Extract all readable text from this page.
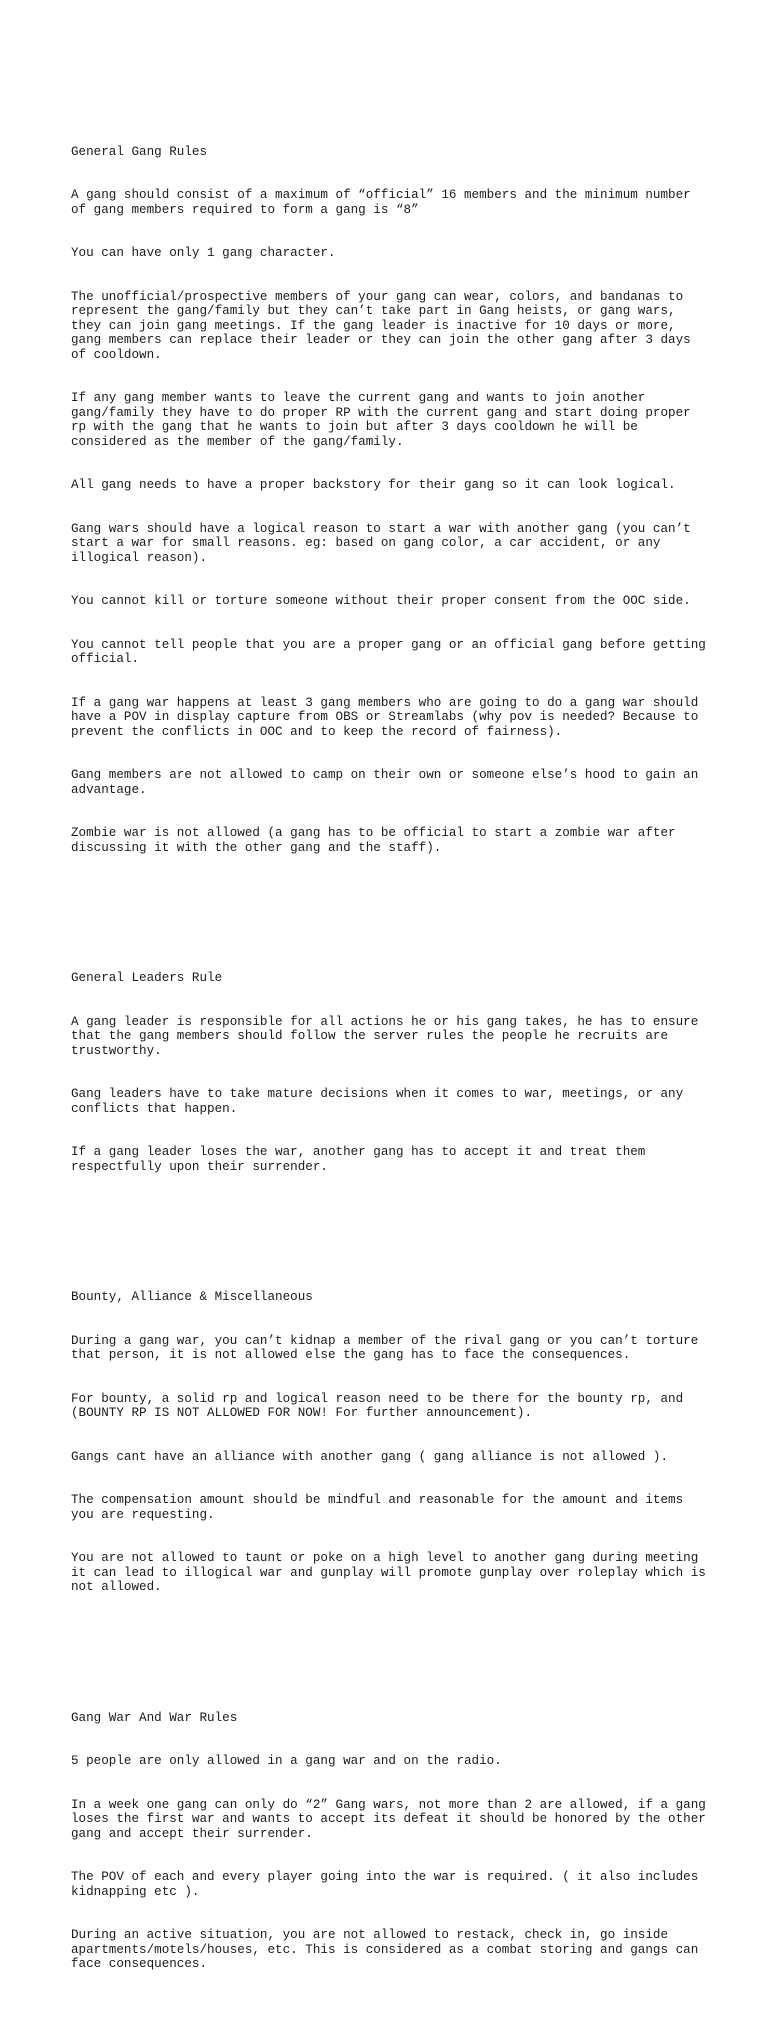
General Gang Rules

A gang should consist of a maximum of “official” 16 members and the minimum number of gang members required to form a gang is “8”

You can have only 1 gang character.

The unofficial/prospective members of your gang can wear, colors, and bandanas to represent the gang/family but they can’t take part in Gang heists, or gang wars, they can join gang meetings. If the gang leader is inactive for 10 days or more, gang members can replace their leader or they can join the other gang after 3 days of cooldown.

If any gang member wants to leave the current gang and wants to join another gang/family they have to do proper RP with the current gang and start doing proper rp with the gang that he wants to join but after 3 days cooldown he will be considered as the member of the gang/family.

All gang needs to have a proper backstory for their gang so it can look logical.

Gang wars should have a logical reason to start a war with another gang (you can’t start a war for small reasons. eg: based on gang color, a car accident, or any illogical reason).

You cannot kill or torture someone without their proper consent from the OOC side.

You cannot tell people that you are a proper gang or an official gang before getting official.

If a gang war happens at least 3 gang members who are going to do a gang war should have a POV in display capture from OBS or Streamlabs (why pov is needed? Because to prevent the conflicts in OOC and to keep the record of fairness).

Gang members are not allowed to camp on their own or someone else’s hood to gain an advantage.

Zombie war is not allowed (a gang has to be official to start a zombie war after discussing it with the other gang and the staff).

General Leaders Rule

A gang leader is responsible for all actions he or his gang takes, he has to ensure that the gang members should follow the server rules the people he recruits are trustworthy.

Gang leaders have to take mature decisions when it comes to war, meetings, or any conflicts that happen.

If a gang leader loses the war, another gang has to accept it and treat them respectfully upon their surrender.

Bounty, Alliance & Miscellaneous

During a gang war, you can’t kidnap a member of the rival gang or you can’t torture that person, it is not allowed else the gang has to face the consequences.

For bounty, a solid rp and logical reason need to be there for the bounty rp, and (BOUNTY RP IS NOT ALLOWED FOR NOW! For further announcement).

Gangs cant have an alliance with another gang ( gang alliance is not allowed ).

The compensation amount should be mindful and reasonable for the amount and items you are requesting.

You are not allowed to taunt or poke on a high level to another gang during meeting it can lead to illogical war and gunplay will promote gunplay over roleplay which is not allowed.

Gang War And War Rules

5 people are only allowed in a gang war and on the radio.

In a week one gang can only do “2” Gang wars, not more than 2 are allowed, if a gang loses the first war and wants to accept its defeat it should be honored by the other gang and accept their surrender.

The POV of each and every player going into the war is required. ( it also includes kidnapping etc ).

During an active situation, you are not allowed to restack, check in, go inside apartments/motels/houses, etc. This is considered as a combat storing and gangs can face consequences.
